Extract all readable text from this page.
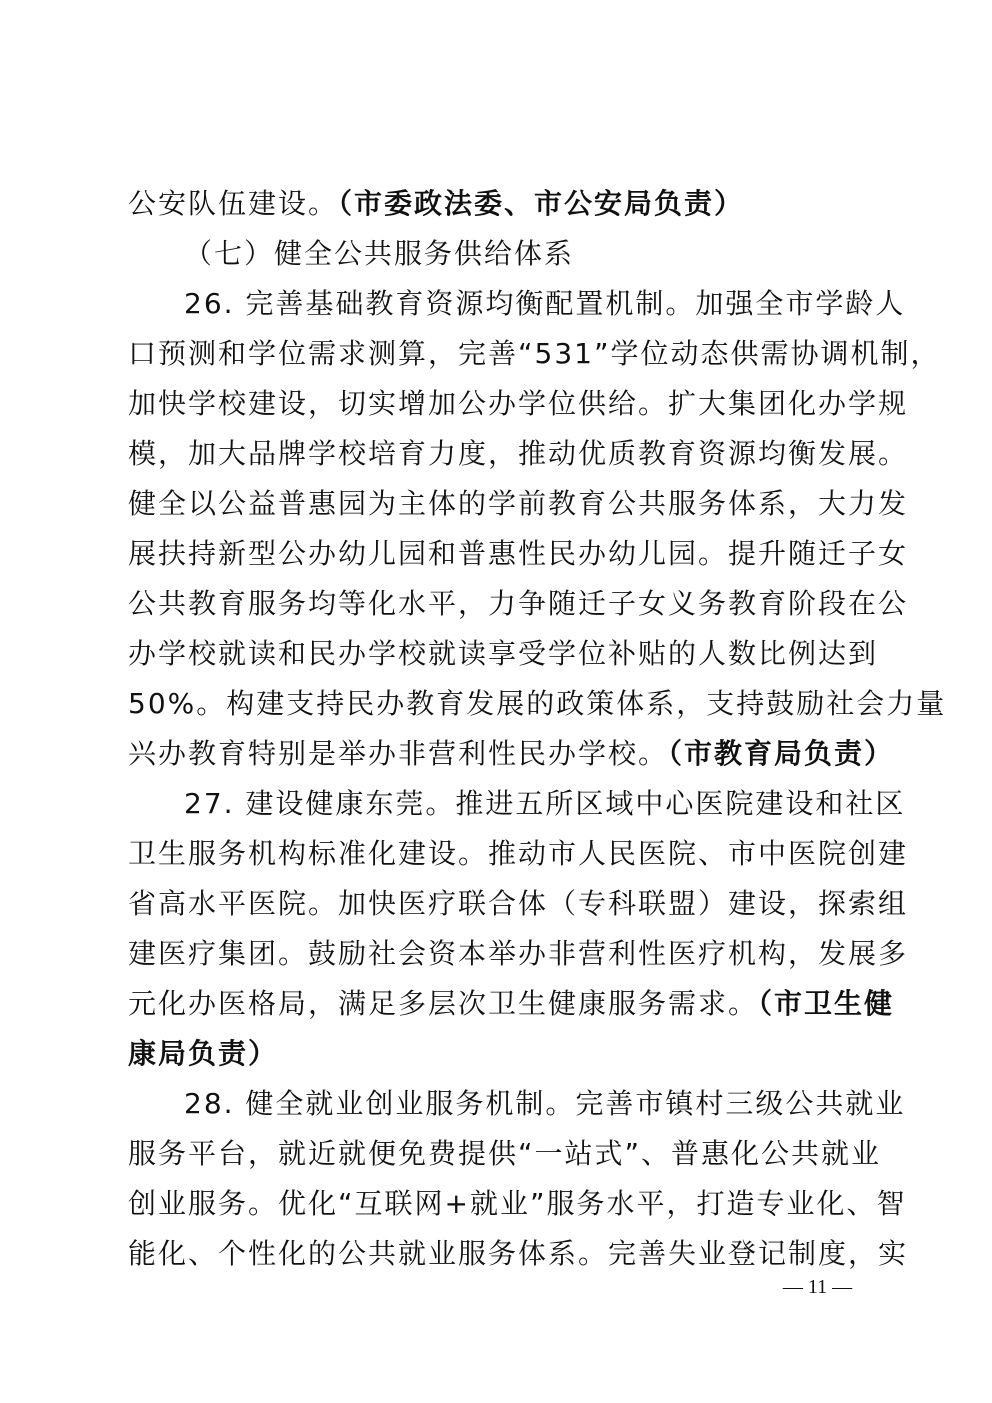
公安队伍建设。（市委政法委、市公安局负责）
（七）健全公共服务供给体系
26. 完善基础教育资源均衡配置机制。加强全市学龄人
口预测和学位需求测算，完善“531”学位动态供需协调机制，
加快学校建设，切实增加公办学位供给。扩大集团化办学规
模，加大品牌学校培育力度，推动优质教育资源均衡发展。
健全以公益普惠园为主体的学前教育公共服务体系，大力发
展扶持新型公办幼儿园和普惠性民办幼儿园。提升随迁子女
公共教育服务均等化水平，力争随迁子女义务教育阶段在公
办学校就读和民办学校就读享受学位补贴的人数比例达到
50%。构建支持民办教育发展的政策体系，支持鼓励社会力量
兴办教育特别是举办非营利性民办学校。（市教育局负责）
27. 建设健康东莞。推进五所区域中心医院建设和社区
卫生服务机构标准化建设。推动市人民医院、市中医院创建
省高水平医院。加快医疗联合体（专科联盟）建设，探索组
建医疗集团。鼓励社会资本举办非营利性医疗机构，发展多
元化办医格局，满足多层次卫生健康服务需求。（市卫生健
康局负责）
28. 健全就业创业服务机制。完善市镇村三级公共就业
服务平台，就近就便免费提供“一站式”、普惠化公共就业
创业服务。优化“互联网+就业”服务水平，打造专业化、智
能化、个性化的公共就业服务体系。完善失业登记制度，实
— 11 —
